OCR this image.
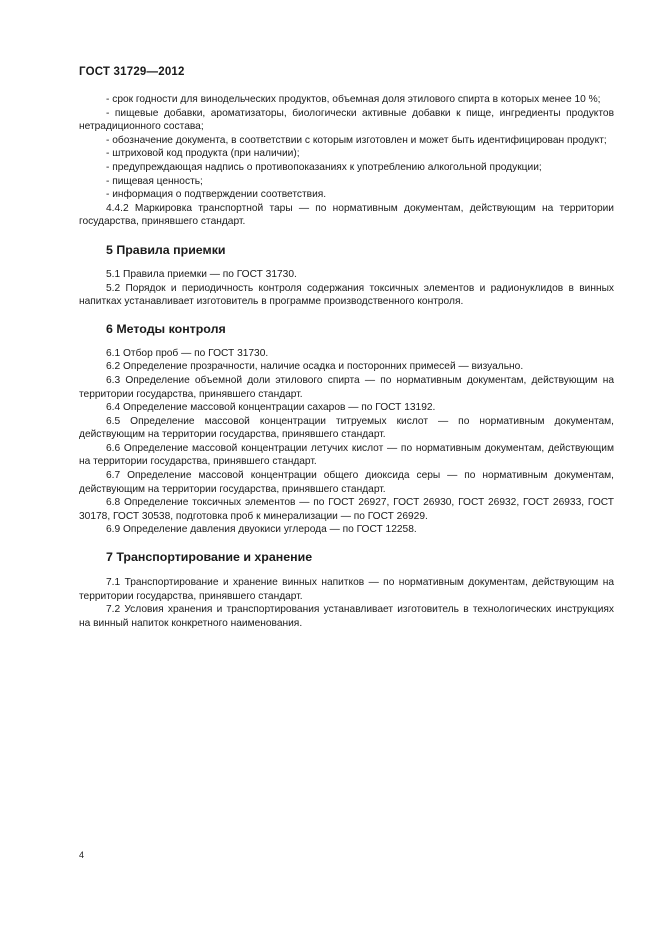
ГОСТ 31729—2012

- срок годности для винодельческих продуктов, объемная доля этилового спирта в которых менее 10 %;

- пищевые добавки, ароматизаторы, биологически активные добавки к пище, ингредиенты продуктов нетрадиционного состава;

- обозначение документа, в соответствии с которым изготовлен и может быть идентифицирован продукт;

- штриховой код продукта (при наличии);

- предупреждающая надпись о противопоказаниях к употреблению алкогольной продукции;

- пищевая ценность;

- информация о подтверждении соответствия.

4.4.2 Маркировка транспортной тары — по нормативным документам, действующим на территории государства, принявшего стандарт.

5 Правила приемки

5.1 Правила приемки — по ГОСТ 31730.

5.2 Порядок и периодичность контроля содержания токсичных элементов и радионуклидов в винных напитках устанавливает изготовитель в программе производственного контроля.

6 Методы контроля

6.1 Отбор проб — по ГОСТ 31730.

6.2 Определение прозрачности, наличие осадка и посторонних примесей — визуально.

6.3 Определение объемной доли этилового спирта — по нормативным документам, действующим на территории государства, принявшего стандарт.

6.4 Определение массовой концентрации сахаров — по ГОСТ 13192.

6.5 Определение массовой концентрации титруемых кислот — по нормативным документам, действующим на территории государства, принявшего стандарт.

6.6 Определение массовой концентрации летучих кислот — по нормативным документам, действующим на территории государства, принявшего стандарт.

6.7 Определение массовой концентрации общего диоксида серы — по нормативным документам, действующим на территории государства, принявшего стандарт.

6.8 Определение токсичных элементов — по ГОСТ 26927, ГОСТ 26930, ГОСТ 26932, ГОСТ 26933, ГОСТ 30178, ГОСТ 30538, подготовка проб к минерализации — по ГОСТ 26929.

6.9 Определение давления двуокиси углерода — по ГОСТ 12258.

7 Транспортирование и хранение

7.1 Транспортирование и хранение винных напитков — по нормативным документам, действующим на территории государства, принявшего стандарт.

7.2 Условия хранения и транспортирования устанавливает изготовитель в технологических инструкциях на винный напиток конкретного наименования.

4
